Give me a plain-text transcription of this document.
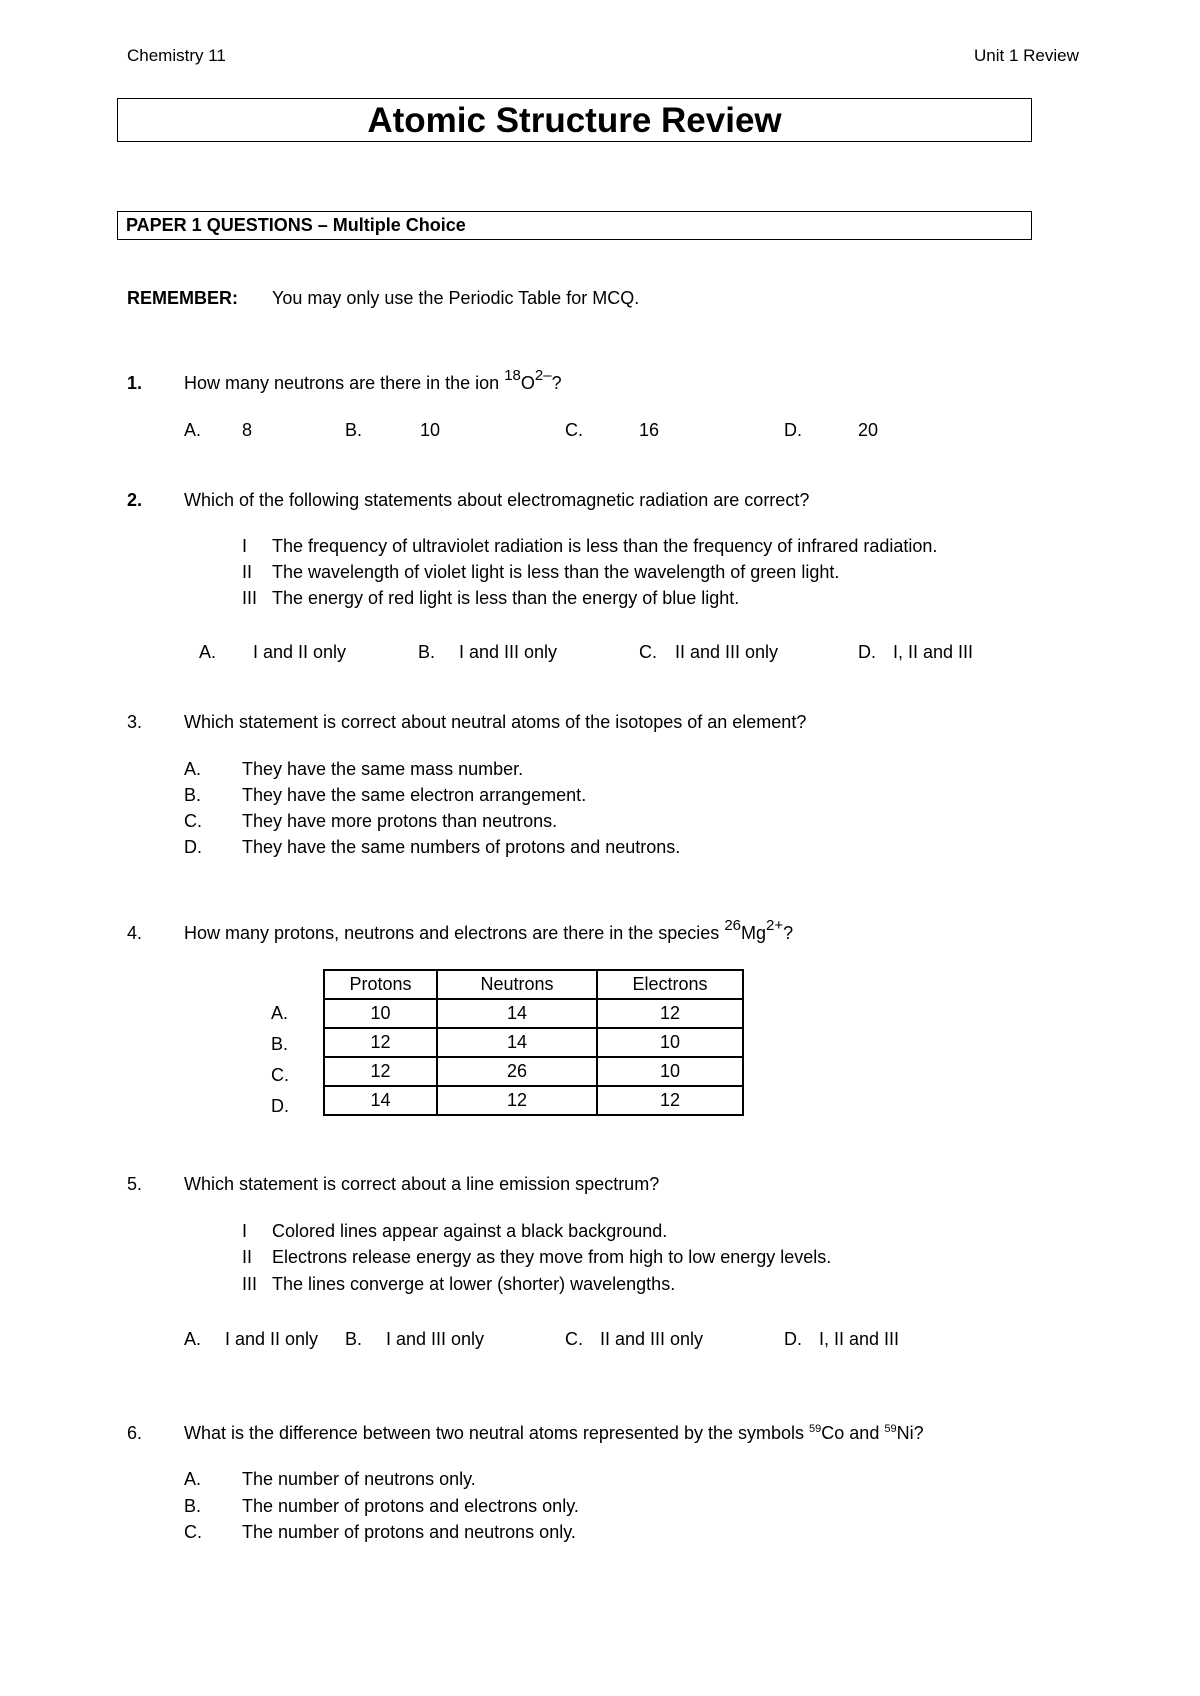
Chemistry 11	Unit 1 Review
Atomic Structure Review
PAPER 1 QUESTIONS – Multiple Choice
REMEMBER: You may only use the Periodic Table for MCQ.
1. How many neutrons are there in the ion $^{18}O^{2-}$?
A. 8	B.	10	C.	16	D.	20
2. Which of the following statements about electromagnetic radiation are correct?
I The frequency of ultraviolet radiation is less than the frequency of infrared radiation.
II The wavelength of violet light is less than the wavelength of green light.
III The energy of red light is less than the energy of blue light.
A. I and II only	B. I and III only	C. II and III only	D. I, II and III
3. Which statement is correct about neutral atoms of the isotopes of an element?
A. They have the same mass number.
B. They have the same electron arrangement.
C. They have more protons than neutrons.
D. They have the same numbers of protons and neutrons.
4. How many protons, neutrons and electrons are there in the species $^{26}Mg^{2+}$?
A.
B.
C.
D.
Protons	Neutrons	Electrons
10	14	12
12	14	10
12	26	10
14	12	12
5. Which statement is correct about a line emission spectrum?
I Colored lines appear against a black background.
II Electrons release energy as they move from high to low energy levels.
III The lines converge at lower (shorter) wavelengths.
A. I and II only B. I and III only	C. II and III only	D. I, II and III
6. What is the difference between two neutral atoms represented by the symbols $^{59}$Co and $^{59}$Ni?
A. The number of neutrons only.
B. The number of protons and electrons only.
C. The number of protons and neutrons only.
